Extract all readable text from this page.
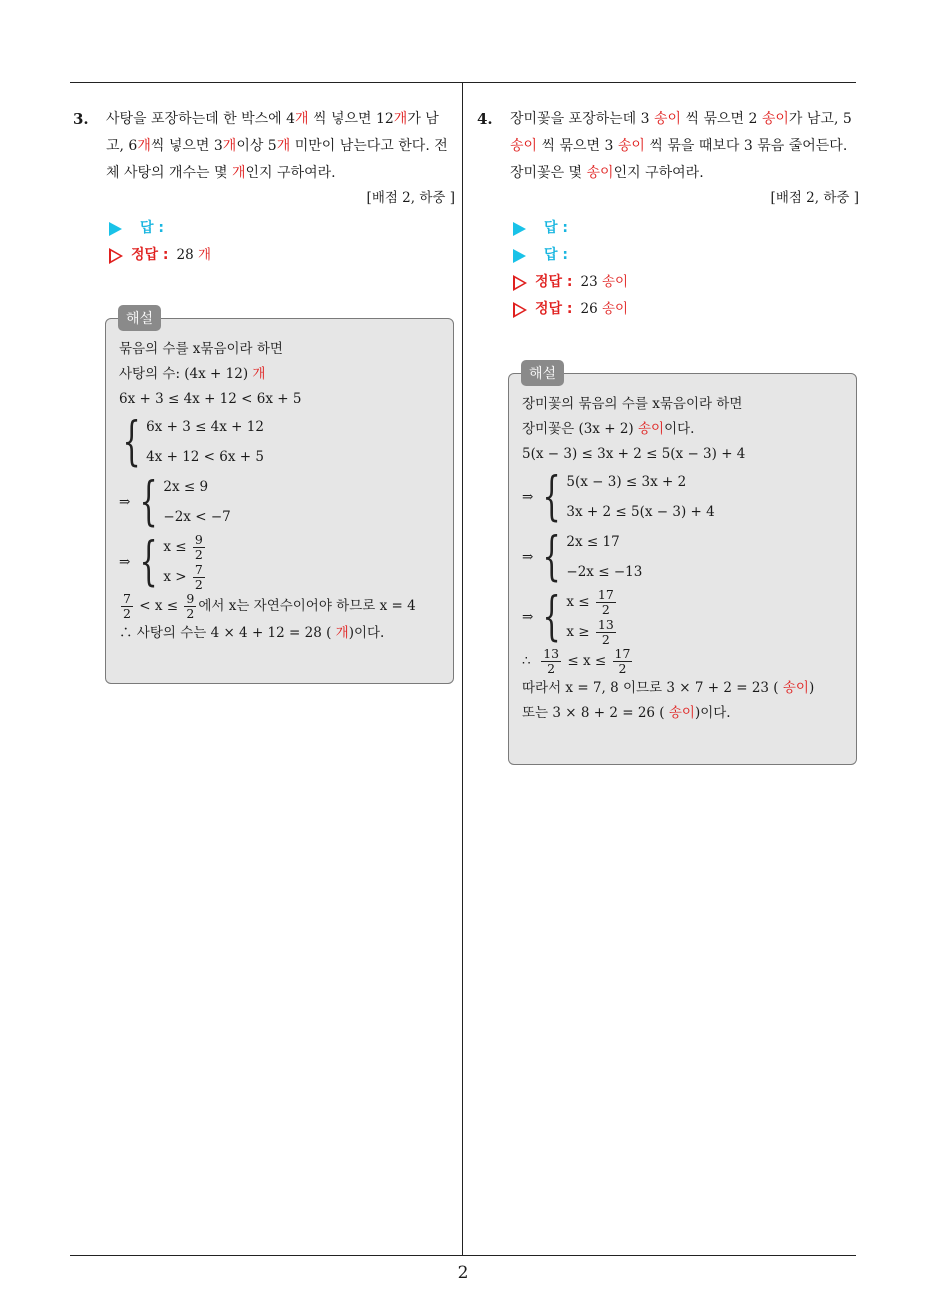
2
3. 사탕을 포장하는데 한 박스에 4개 씩 넣으면 12개가 남고, 6개씩 넣으면 3개이상 5개 미만이 남는다고 한다. 전체 사탕의 개수는 몇 개인지 구하여라.
[배점 2, 하중 ]
답 :
정답 : 28
개
해설
묶음의 수를 x묶음이라 하면
사탕의 수: (4x + 12) 개
6x + 3 ≤ 4x + 12 < 6x + 5
{ 6x + 3 ≤ 4x + 12
4x + 12 < 6x + 5
⇒ { 2x ≤ 9
−2x < −7
⇒ { $x \le \frac{9}{2}$
$x > \frac{7}{2}$
$\frac{7}{2} < x \le \frac{9}{2}$ 에서 x는 자연수이어야 하므로 x = 4
∴ 사탕의 수는 4 × 4 + 12 = 28 ( 개)이다.
4. 장미꽃을 포장하는데 3 송이 씩 묶으면 2 송이가 남고, 5 송이 씩 묶으면 3 송이 씩 묶을 때보다 3 묶음 줄어든다. 장미꽃은 몇 송이인지 구하여라.
[배점 2, 하중 ]
답 :
답 :
정답 : 23
송이
정답 : 26
송이
해설
장미꽃의 묶음의 수를 x묶음이라 하면
장미꽃은 (3x + 2) 송이이다.
5(x − 3) ≤ 3x + 2 ≤ 5(x − 3) + 4
⇒ { 5(x − 3) ≤ 3x + 2
3x + 2 ≤ 5(x − 3) + 4
⇒ { 2x ≤ 17
−2x ≤ −13
⇒ { $x \le \frac{17}{2}$
$x \ge \frac{13}{2}$
∴ $\frac{13}{2} \le x \le \frac{17}{2}$
따라서 x = 7, 8 이므로 3 × 7 + 2 = 23 ( 송이)
또는 3 × 8 + 2 = 26 ( 송이)이다.
